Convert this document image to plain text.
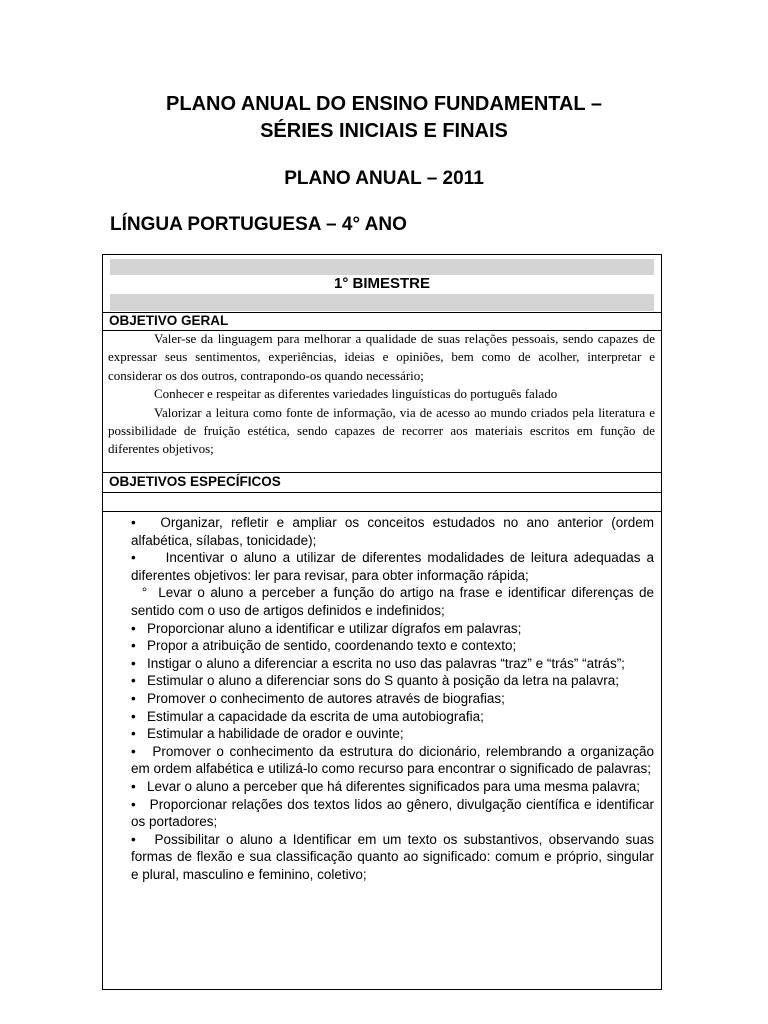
PLANO ANUAL DO ENSINO FUNDAMENTAL –
SÉRIES INICIAIS E FINAIS
PLANO ANUAL – 2011
LÍNGUA PORTUGUESA – 4° ANO
1° BIMESTRE
OBJETIVO GERAL

Valer-se da linguagem para melhorar a qualidade de suas relações pessoais, sendo capazes de expressar seus sentimentos, experiências, ideias e opiniões, bem como de acolher, interpretar e considerar os dos outros, contrapondo-os quando necessário;

Conhecer e respeitar as diferentes variedades linguísticas do português falado

Valorizar a leitura como fonte de informação, via de acesso ao mundo criados pela literatura e possibilidade de fruição estética, sendo capazes de recorrer aos materiais escritos em função de diferentes objetivos;

OBJETIVOS ESPECÍFICOS

•   Organizar, refletir e ampliar os conceitos estudados no ano anterior (ordem alfabética, sílabas, tonicidade);

•     Incentivar o aluno a utilizar de diferentes modalidades de leitura adequadas a diferentes objetivos: ler para revisar, para obter informação rápida;

°  Levar o aluno a perceber a função do artigo na frase e identificar diferenças de sentido com o uso de artigos definidos e indefinidos;

•   Proporcionar aluno a identificar e utilizar dígrafos em palavras;

•   Propor a atribuição de sentido, coordenando texto e contexto;

•   Instigar o aluno a diferenciar a escrita no uso das palavras “traz” e “trás” “atrás”;

•   Estimular o aluno a diferenciar sons do S quanto à posição da letra na palavra;

•   Promover o conhecimento de autores através de biografias;

•   Estimular a capacidade da escrita de uma autobiografia;

•   Estimular a habilidade de orador e ouvinte;

•   Promover o conhecimento da estrutura do dicionário, relembrando a organização em ordem alfabética e utilizá-lo como recurso para encontrar o significado de palavras;

•   Levar o aluno a perceber que há diferentes significados para uma mesma palavra;

•   Proporcionar relações dos textos lidos ao gênero, divulgação científica e identificar os portadores;

•   Possibilitar o aluno a Identificar em um texto os substantivos, observando suas formas de flexão e sua classificação quanto ao significado: comum e próprio, singular e plural, masculino e feminino, coletivo;
